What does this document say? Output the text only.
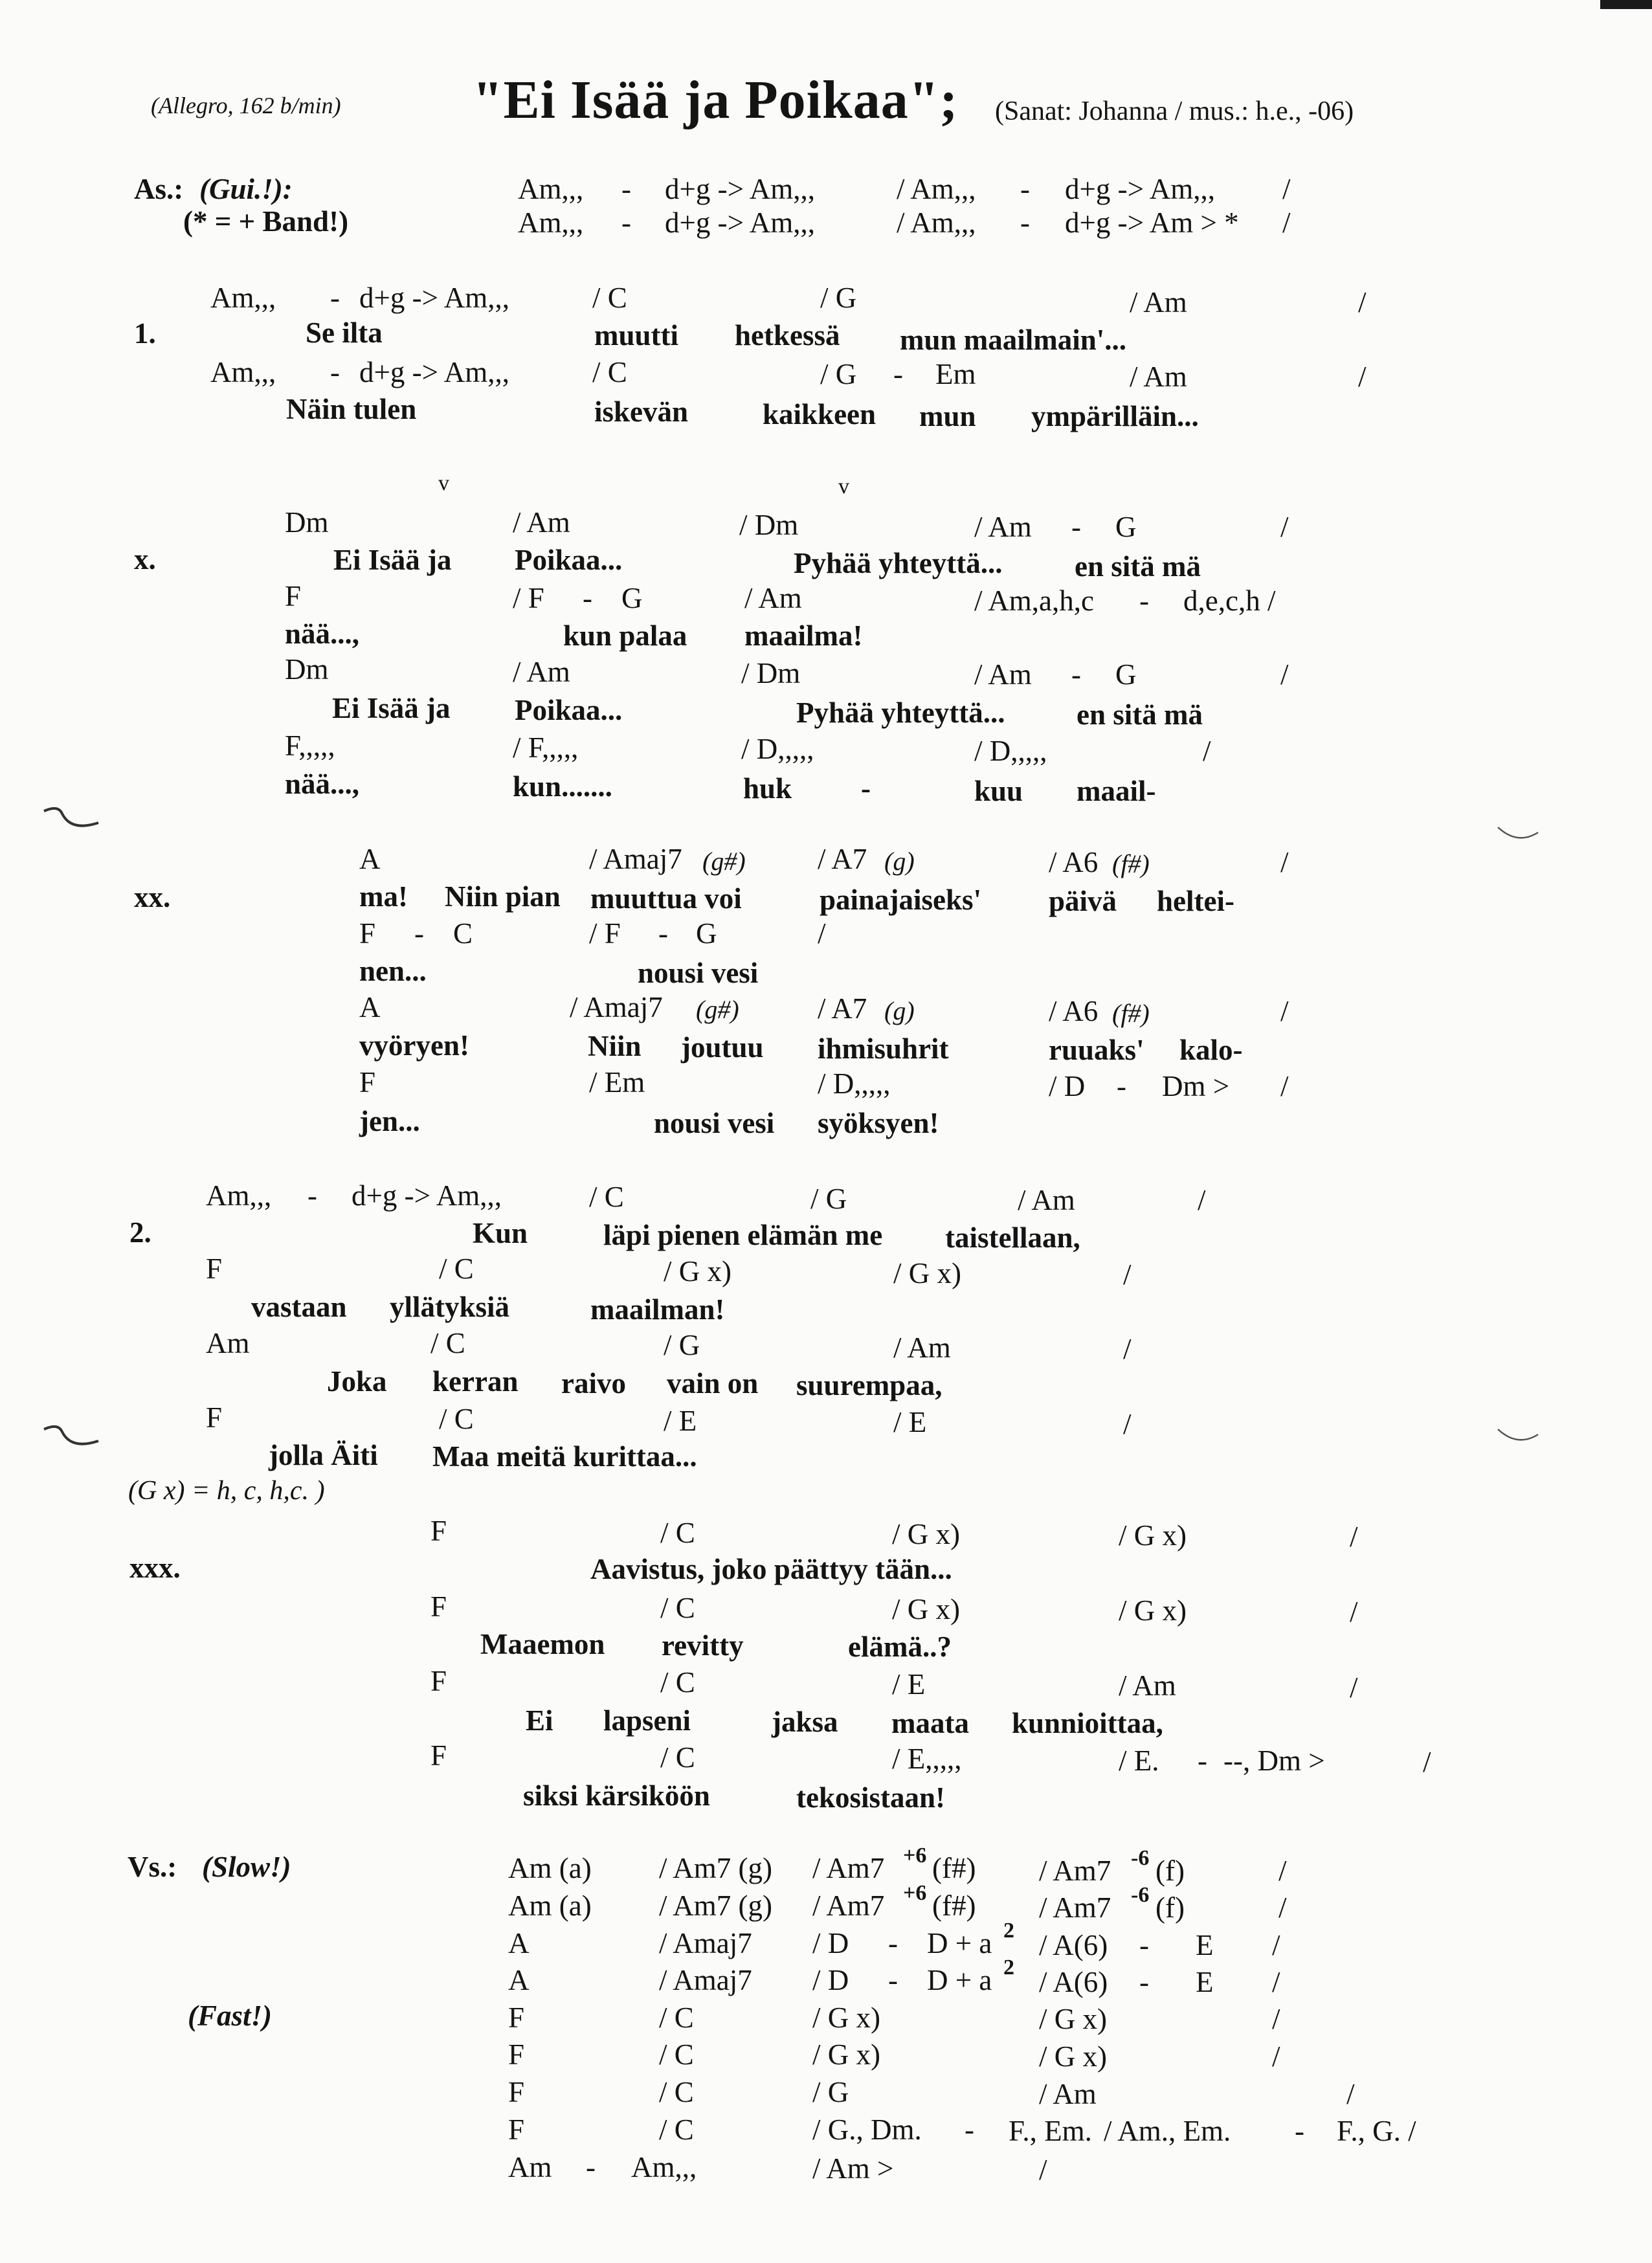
(Allegro, 162 b/min) "Ei Isää ja Poikaa"; (Sanat: Johanna / mus.: h.e., -06)
As.: (Gui.!):
(* = + Band!)
Am,,, - d+g -> Am,,,	/ Am,,, - d+g -> Am,,, /
Am,,, - d+g -> Am,,,	/ Am,,, - d+g -> Am > * /
1.
Am,,, - d+g -> Am,,,	/ C	/ G	/ Am	/
Se ilta	muutti hetkessä mun maailmain'...
Am,,, - d+g -> Am,,,	/ C	/ G - Em	/ Am	/
Näin tulen	iskevän	kaikkeen mun ympärilläin...
v	v
x.
Dm	/ Am	/ Dm	/ Am - G	/
Ei Isää ja Poikaa...	Pyhää yhteyttä... en sitä mä
F	/ F - G	/ Am	/ Am,a,h,c - d,e,c,h /
nää...,	kun palaa maailma!
Dm	/ Am	/ Dm	/ Am - G	/
Ei Isää ja Poikaa...	Pyhää yhteyttä... en sitä mä
F,,,,,	/ F,,,,,	/ D,,,,,	/ D,,,,,	/
nää...,	kun.......	huk -	kuu maail-
xx.
A	/ Amaj7 (g#) / A7 (g)	/ A6 (f#)	/
ma! Niin pian muuttua voi	painajaiseks' päivä heltei-
F - C	/ F - G	/
nen...	nousi vesi
A	/ Amaj7 (g#)	/ A7 (g)	/ A6 (f#)	/
vyöryen!	Niin joutuu ihmisuhrit	ruuaks' kalo-
F	/ Em	/ D,,,,,	/ D - Dm > /
jen...	nousi vesi syöksyen!
2.
Am,,, - d+g -> Am,,,	/ C	/ G	/ Am	/
Kun	läpi pienen elämän me taistellaan,
F	/ C	/ G x)	/ G x)	/
vastaan yllätyksiä	maailman!
Am	/ C	/ G	/ Am	/
Joka kerran raivo vain on suurempaa,
F	/ C	/ E	/ E	/
jolla Äiti Maa meitä kurittaa...
(G x) = h, c, h,c. )
xxx.
F	/ C	/ G x)	/ G x)	/
Aavistus, joko päättyy tään...
F	/ C	/ G x)	/ G x)	/
Maaemon revitty	elämä..?
F	/ C	/ E	/ Am	/
Ei lapseni	jaksa maata kunnioittaa,
F	/ C	/ E,,,,,	/ E. - --, Dm >	/
siksi kärsiköön	tekosistaan!
Vs.: (Slow!)
(Fast!)
Am (a) / Am7 (g) / Am7 +6 (f#) / Am7 -6 (f)	/
Am (a) / Am7 (g) / Am7 +6 (f#) / Am7 -6 (f)	/
A	/ Amaj7 / D - D + a 2 / A(6) - E /
A	/ Amaj7 / D - D + a 2 / A(6) - E /
F	/ C	/ G x)	/ G x)	/
F	/ C	/ G x)	/ G x)	/
F	/ C	/ G	/ Am	/
F	/ C	/ G., Dm. - F., Em. / Am., Em. - F., G. /
Am - Am,,,	/ Am >	/
